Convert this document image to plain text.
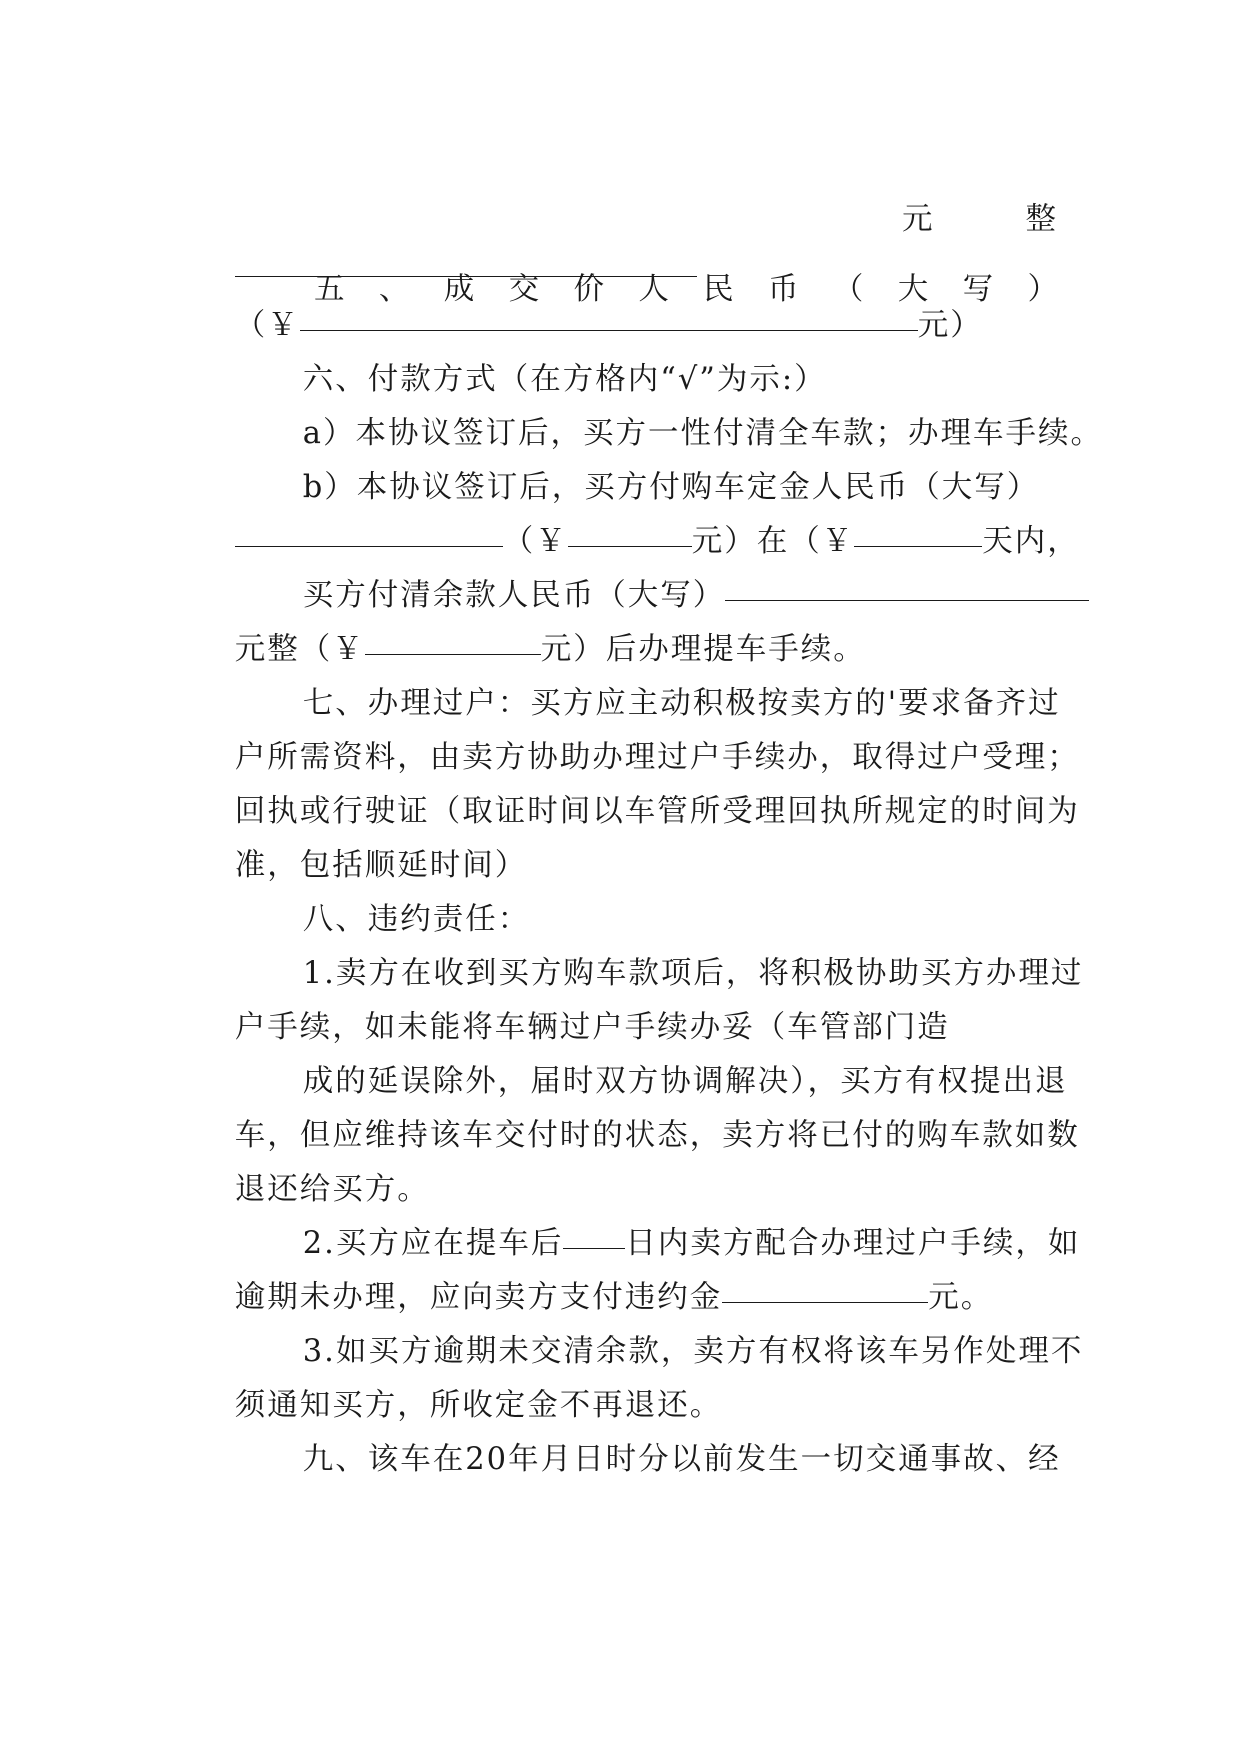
五、成交价人民币（大写）

元整

（￥	元）

六、付款方式（在方格内“√”为示:）

a）本协议签订后，买方一性付清全车款；办理车手续。

b）本协议签订后，买方付购车定金人民币（大写）

（￥	元）在（￥	天内，

买方付清余款人民币（大写）

元整（￥	元）后办理提车手续。

七、办理过户：买方应主动积极按卖方的'要求备齐过

户所需资料，由卖方协助办理过户手续办，取得过户受理；

回执或行驶证（取证时间以车管所受理回执所规定的时间为

准，包括顺延时间）

八、违约责任：

1.卖方在收到买方购车款项后，将积极协助买方办理过

户手续，如未能将车辆过户手续办妥（车管部门造

成的延误除外，届时双方协调解决），买方有权提出退

车，但应维持该车交付时的状态，卖方将已付的购车款如数

退还给买方。

2.买方应在提车后 日内卖方配合办理过户手续，如

逾期未办理，应向卖方支付违约金	元。

3.如买方逾期未交清余款，卖方有权将该车另作处理不

须通知买方，所收定金不再退还。

九、该车在20年月日时分以前发生一切交通事故、经
